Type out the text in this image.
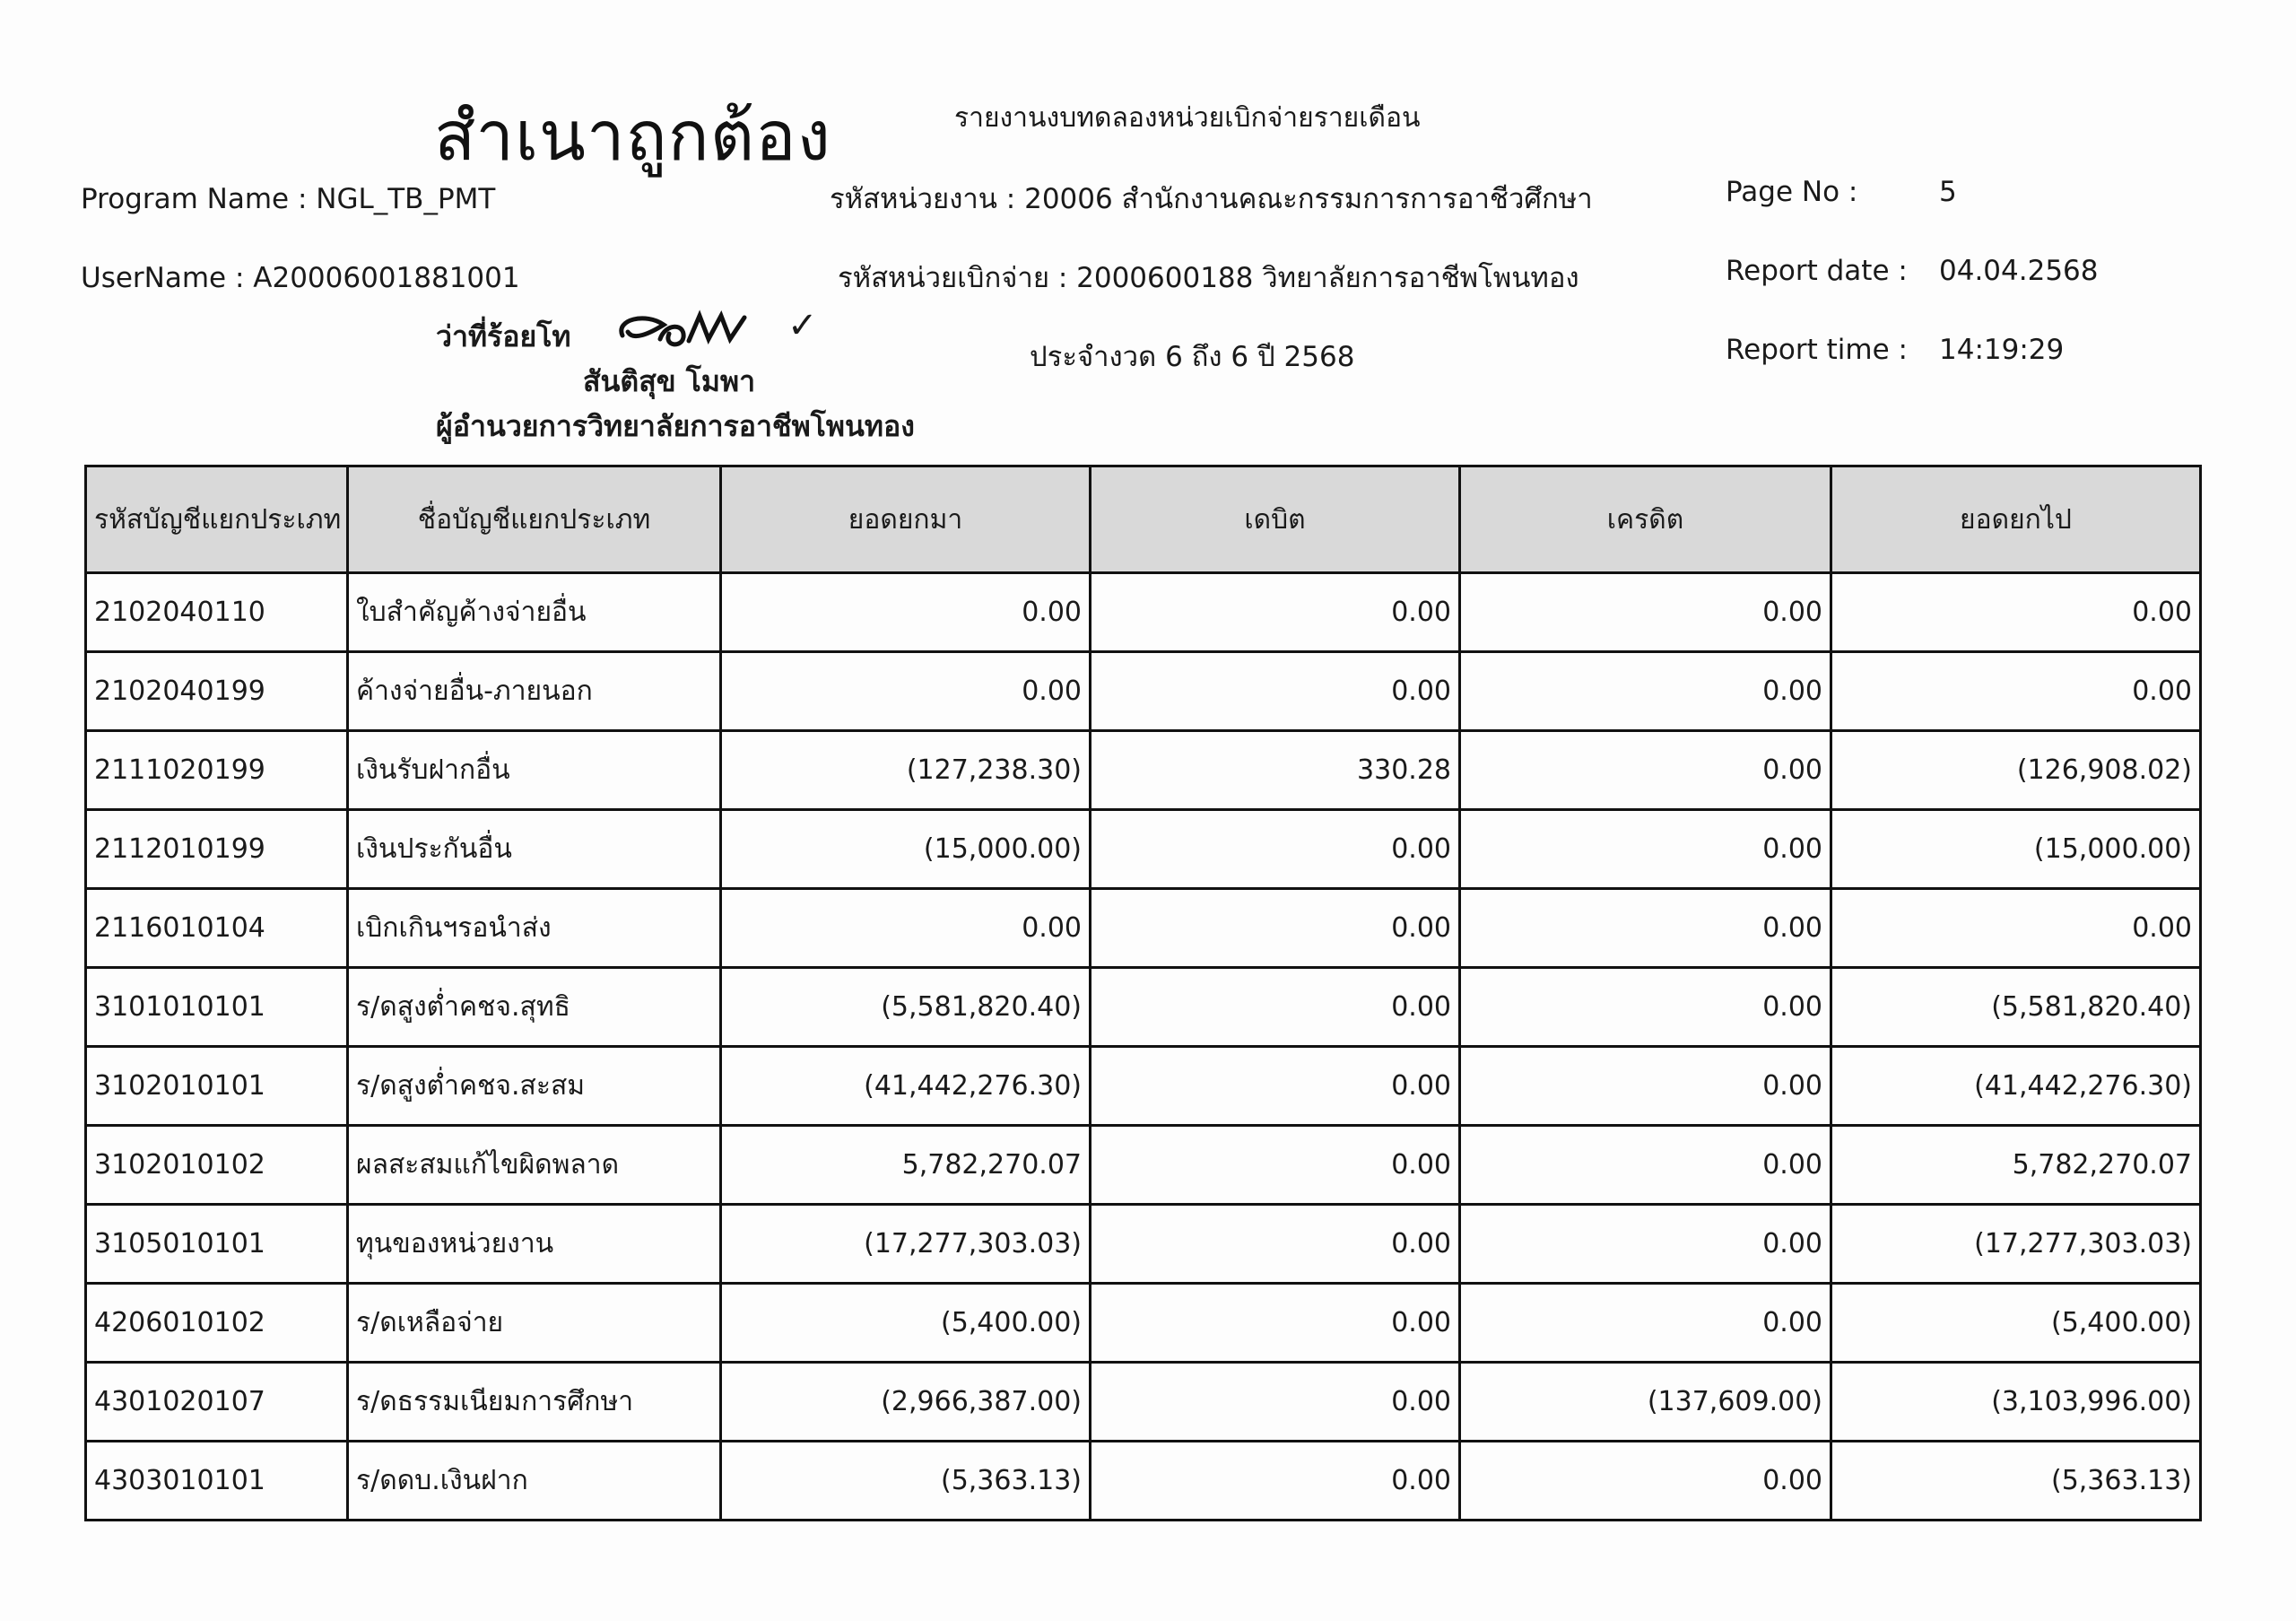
สำเนาถูกต้อง	รายงานงบทดลองหน่วยเบิกจ่ายรายเดือน
Program Name : NGL_TB_PMT
UserName : A20006001881001
รหัสหน่วยงาน : 20006 สำนักงานคณะกรรมการการอาชีวศึกษา
รหัสหน่วยเบิกจ่าย : 2000600188 วิทยาลัยการอาชีพโพนทอง
ประจำงวด 6 ถึง 6 ปี 2568
Page No :	5
Report date : 04.04.2568
Report time : 14:19:29
ว่าที่ร้อยโท	✓
สันติสุข โมพา
ผู้อำนวยการวิทยาลัยการอาชีพโพนทอง
รหัสบัญชีแยกประเภท	ชื่อบัญชีแยกประเภท	ยอดยกมา	เดบิต	เครดิต	ยอดยกไป
2102040110	ใบสำคัญค้างจ่ายอื่น	0.00	0.00	0.00	0.00
2102040199	ค้างจ่ายอื่น-ภายนอก	0.00	0.00	0.00	0.00
2111020199	เงินรับฝากอื่น	(127,238.30)	330.28	0.00	(126,908.02)
2112010199	เงินประกันอื่น	(15,000.00)	0.00	0.00	(15,000.00)
2116010104	เบิกเกินฯรอนำส่ง	0.00	0.00	0.00	0.00
3101010101	ร/ดสูงต่ำคชจ.สุทธิ	(5,581,820.40)	0.00	0.00	(5,581,820.40)
3102010101	ร/ดสูงต่ำคชจ.สะสม	(41,442,276.30)	0.00	0.00	(41,442,276.30)
3102010102	ผลสะสมแก้ไขผิดพลาด	5,782,270.07	0.00	0.00	5,782,270.07
3105010101	ทุนของหน่วยงาน	(17,277,303.03)	0.00	0.00	(17,277,303.03)
4206010102	ร/ดเหลือจ่าย	(5,400.00)	0.00	0.00	(5,400.00)
4301020107	ร/ดธรรมเนียมการศึกษา	(2,966,387.00)	0.00	(137,609.00)	(3,103,996.00)
4303010101	ร/ดดบ.เงินฝาก	(5,363.13)	0.00	0.00	(5,363.13)
